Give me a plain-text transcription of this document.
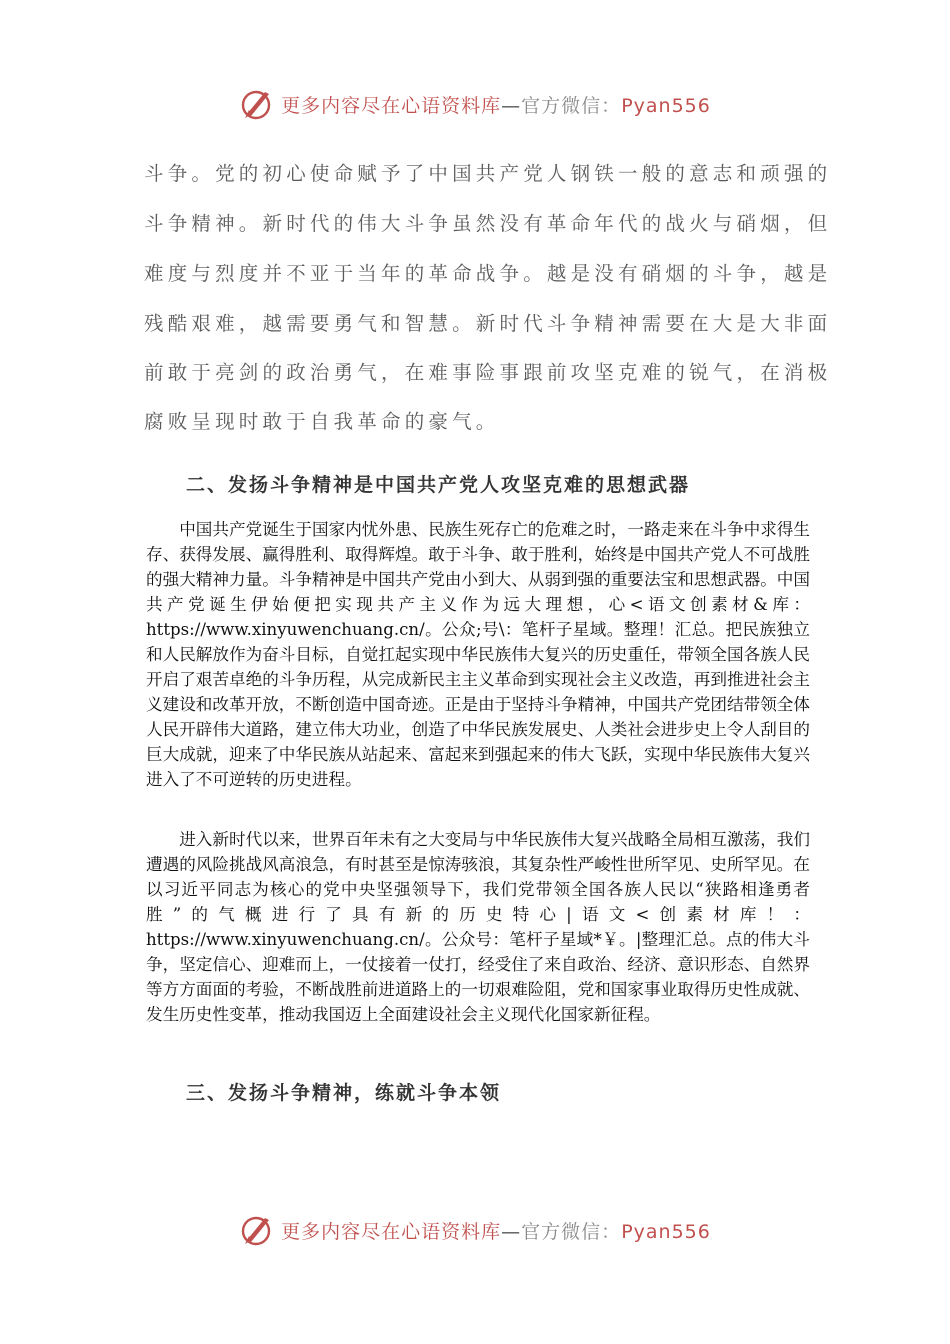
更多内容尽在心语资料库—官方微信：Pyan556
斗争。党的初心使命赋予了中国共产党人钢铁一般的意志和顽强的
斗争精神。新时代的伟大斗争虽然没有革命年代的战火与硝烟，但
难度与烈度并不亚于当年的革命战争。越是没有硝烟的斗争，越是
残酷艰难，越需要勇气和智慧。新时代斗争精神需要在大是大非面
前敢于亮剑的政治勇气，在难事险事跟前攻坚克难的锐气，在消极
腐败呈现时敢于自我革命的豪气。
二、发扬斗争精神是中国共产党人攻坚克难的思想武器

中国共产党诞生于国家内忧外患、民族生死存亡的危难之时，一路走来在斗争中求得生存、获得发展、赢得胜利、取得辉煌。敢于斗争、敢于胜利，始终是中国共产党人不可战胜的强大精神力量。斗争精神是中国共产党由小到大、从弱到强的重要法宝和思想武器。中国共产党诞生伊始便把实现共产主义作为远大理想，心<语文创素材&库：https://www.xinyuwenchuang.cn/。公众;号\：笔杆子星域。整理！汇总。把民族独立和人民解放作为奋斗目标，自觉扛起实现中华民族伟大复兴的历史重任，带领全国各族人民开启了艰苦卓绝的斗争历程，从完成新民主主义革命到实现社会主义改造，再到推进社会主义建设和改革开放，不断创造中国奇迹。正是由于坚持斗争精神，中国共产党团结带领全体人民开辟伟大道路，建立伟大功业，创造了中华民族发展史、人类社会进步史上令人刮目的巨大成就，迎来了中华民族从站起来、富起来到强起来的伟大飞跃，实现中华民族伟大复兴进入了不可逆转的历史进程。

进入新时代以来，世界百年未有之大变局与中华民族伟大复兴战略全局相互激荡，我们遭遇的风险挑战风高浪急，有时甚至是惊涛骇浪，其复杂性严峻性世所罕见、史所罕见。在以习近平同志为核心的党中央坚强领导下，我们党带领全国各族人民以“狭路相逢勇者胜”的气概进行了具有新的历史特心|语文<创素材库！：https://www.xinyuwenchuang.cn/。公众号：笔杆子星域*￥。|整理汇总。点的伟大斗争，坚定信心、迎难而上，一仗接着一仗打，经受住了来自政治、经济、意识形态、自然界等方方面面的考验，不断战胜前进道路上的一切艰难险阻，党和国家事业取得历史性成就、发生历史性变革，推动我国迈上全面建设社会主义现代化国家新征程。

三、发扬斗争精神，练就斗争本领
更多内容尽在心语资料库—官方微信：Pyan556
